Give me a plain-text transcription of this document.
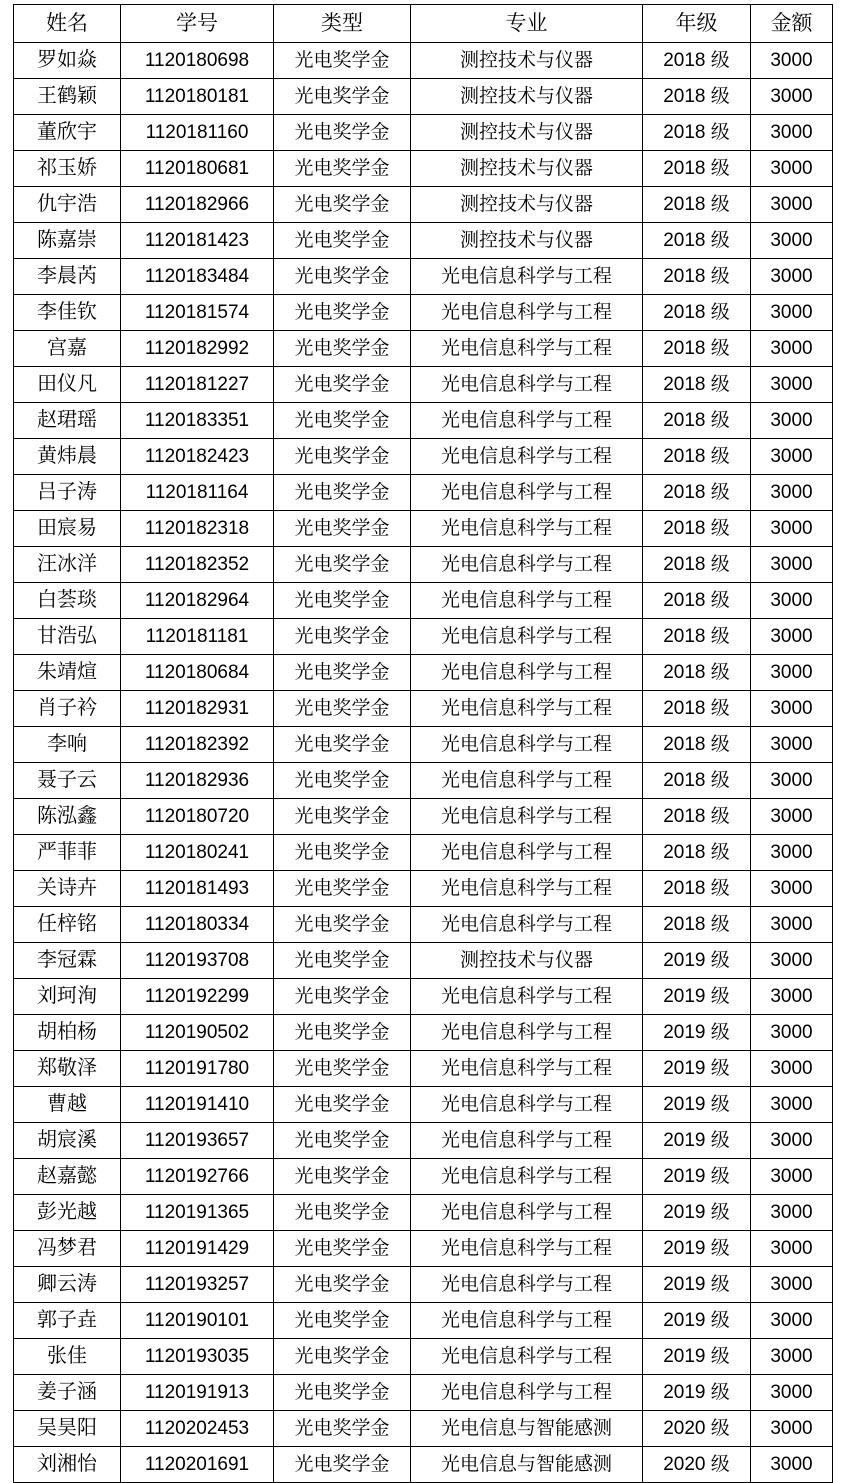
姓名	学号	类型	专业	年级	金额
罗如焱	1120180698	光电奖学金	测控技术与仪器	2018 级	3000
王鹤颖	1120180181	光电奖学金	测控技术与仪器	2018 级	3000
董欣宇	1120181160	光电奖学金	测控技术与仪器	2018 级	3000
祁玉娇	1120180681	光电奖学金	测控技术与仪器	2018 级	3000
仇宇浩	1120182966	光电奖学金	测控技术与仪器	2018 级	3000
陈嘉崇	1120181423	光电奖学金	测控技术与仪器	2018 级	3000
李晨芮	1120183484	光电奖学金	光电信息科学与工程	2018 级	3000
李佳钦	1120181574	光电奖学金	光电信息科学与工程	2018 级	3000
宫嘉	1120182992	光电奖学金	光电信息科学与工程	2018 级	3000
田仪凡	1120181227	光电奖学金	光电信息科学与工程	2018 级	3000
赵珺瑶	1120183351	光电奖学金	光电信息科学与工程	2018 级	3000
黄炜晨	1120182423	光电奖学金	光电信息科学与工程	2018 级	3000
吕子涛	1120181164	光电奖学金	光电信息科学与工程	2018 级	3000
田宸易	1120182318	光电奖学金	光电信息科学与工程	2018 级	3000
汪冰洋	1120182352	光电奖学金	光电信息科学与工程	2018 级	3000
白荟琰	1120182964	光电奖学金	光电信息科学与工程	2018 级	3000
甘浩弘	1120181181	光电奖学金	光电信息科学与工程	2018 级	3000
朱靖煊	1120180684	光电奖学金	光电信息科学与工程	2018 级	3000
肖子衿	1120182931	光电奖学金	光电信息科学与工程	2018 级	3000
李响	1120182392	光电奖学金	光电信息科学与工程	2018 级	3000
聂子云	1120182936	光电奖学金	光电信息科学与工程	2018 级	3000
陈泓鑫	1120180720	光电奖学金	光电信息科学与工程	2018 级	3000
严菲菲	1120180241	光电奖学金	光电信息科学与工程	2018 级	3000
关诗卉	1120181493	光电奖学金	光电信息科学与工程	2018 级	3000
任梓铭	1120180334	光电奖学金	光电信息科学与工程	2018 级	3000
李冠霖	1120193708	光电奖学金	测控技术与仪器	2019 级	3000
刘珂洵	1120192299	光电奖学金	光电信息科学与工程	2019 级	3000
胡柏杨	1120190502	光电奖学金	光电信息科学与工程	2019 级	3000
郑敬泽	1120191780	光电奖学金	光电信息科学与工程	2019 级	3000
曹越	1120191410	光电奖学金	光电信息科学与工程	2019 级	3000
胡宸溪	1120193657	光电奖学金	光电信息科学与工程	2019 级	3000
赵嘉懿	1120192766	光电奖学金	光电信息科学与工程	2019 级	3000
彭光越	1120191365	光电奖学金	光电信息科学与工程	2019 级	3000
冯梦君	1120191429	光电奖学金	光电信息科学与工程	2019 级	3000
卿云涛	1120193257	光电奖学金	光电信息科学与工程	2019 级	3000
郭子垚	1120190101	光电奖学金	光电信息科学与工程	2019 级	3000
张佳	1120193035	光电奖学金	光电信息科学与工程	2019 级	3000
姜子涵	1120191913	光电奖学金	光电信息科学与工程	2019 级	3000
吴昊阳	1120202453	光电奖学金	光电信息与智能感测	2020 级	3000
刘湘怡	1120201691	光电奖学金	光电信息与智能感测	2020 级	3000
